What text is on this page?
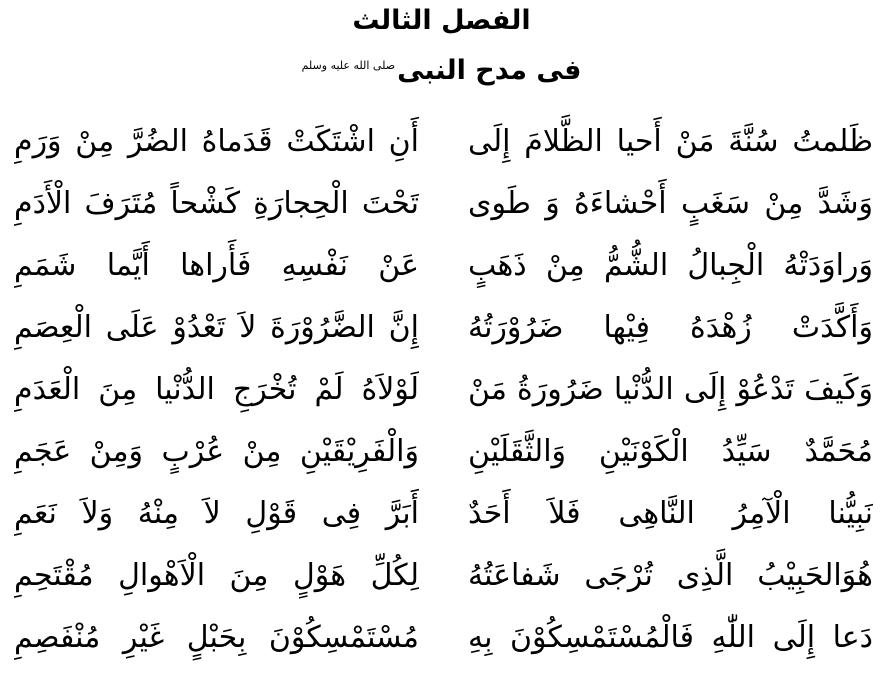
الفصل الثالث
فى مدح النبىصلى الله عليه وسلم
ظَلمتُ سُنَّةَ مَنْ أَحيا الظَّلامَ إِلَى
أَنِ اشْتَكَتْ قَدَماهُ الضُرَّ مِنْ وَرَمِ
وَشَدَّ مِنْ سَغَبٍ أَحْشاءَهُ وَ طَوى
تَحْتَ الْحِجارَةِ كَشْحاً مُتَرَفَ الْأَدَمِ
وَراوَدَتْهُ الْجِبالُ الشُّمُّ مِنْ ذَهَبٍ
عَنْ نَفْسِهِ فَأَراها أَيَّما شَمَمِ
وَأَكَّدَتْ زُهْدَهُ فِيْها ضَرُوْرَتُهُ
إِنَّ الضَّرُوْرَةَ لاَ تَعْدُوْ عَلَى الْعِصَمِ
وَكَيفَ تَدْعُوْ إِلَى الدُّنْيا ضَرُورَةُ مَنْ
لَوْلاَهُ لَمْ تُخْرَجِ الدُّنْيا مِنَ الْعَدَمِ
مُحَمَّدٌ سَيِّدُ الْكَوْنَيْنِ وَالثَّقَلَيْنِ
وَالْفَرِيْقَيْنِ مِنْ عُرْبٍ وَمِنْ عَجَمِ
نَبِيُّنا الْآمِرُ النَّاهِى فَلاَ أَحَدٌ
أَبَرَّ فِى قَوْلِ لاَ مِنْهُ وَلاَ نَعَمِ
هُوَالحَبِيْبُ الَّذِى تُرْجَى شَفاعَتُهُ
لِكُلِّ هَوْلٍ مِنَ الْاَهْوالِ مُقْتَحِمِ
دَعا إِلَى اللّٰهِ فَالْمُسْتَمْسِكُوْنَ بِهِ
مُسْتَمْسِكُوْنَ بِحَبْلٍ غَيْرِ مُنْفَصِمِ
